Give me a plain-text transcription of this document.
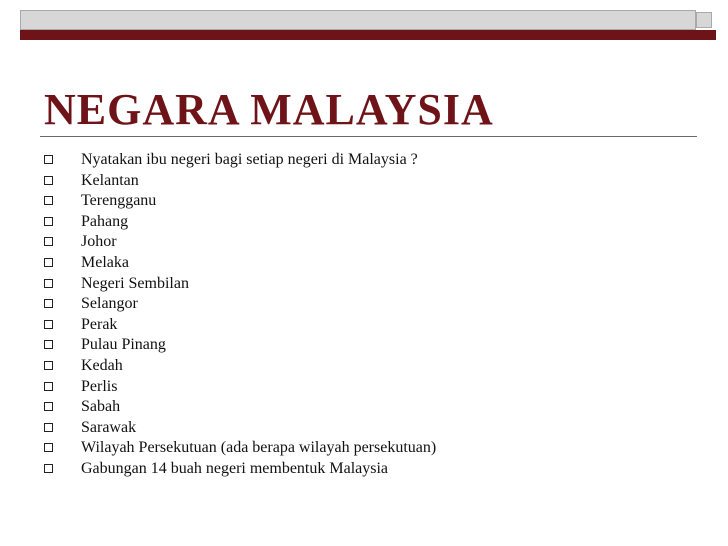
NEGARA MALAYSIA
Nyatakan ibu negeri bagi setiap negeri di Malaysia ?
Kelantan
Terengganu
Pahang
Johor
Melaka
Negeri Sembilan
Selangor
Perak
Pulau Pinang
Kedah
Perlis
Sabah
Sarawak
Wilayah Persekutuan (ada berapa wilayah persekutuan)
Gabungan 14 buah negeri membentuk Malaysia
